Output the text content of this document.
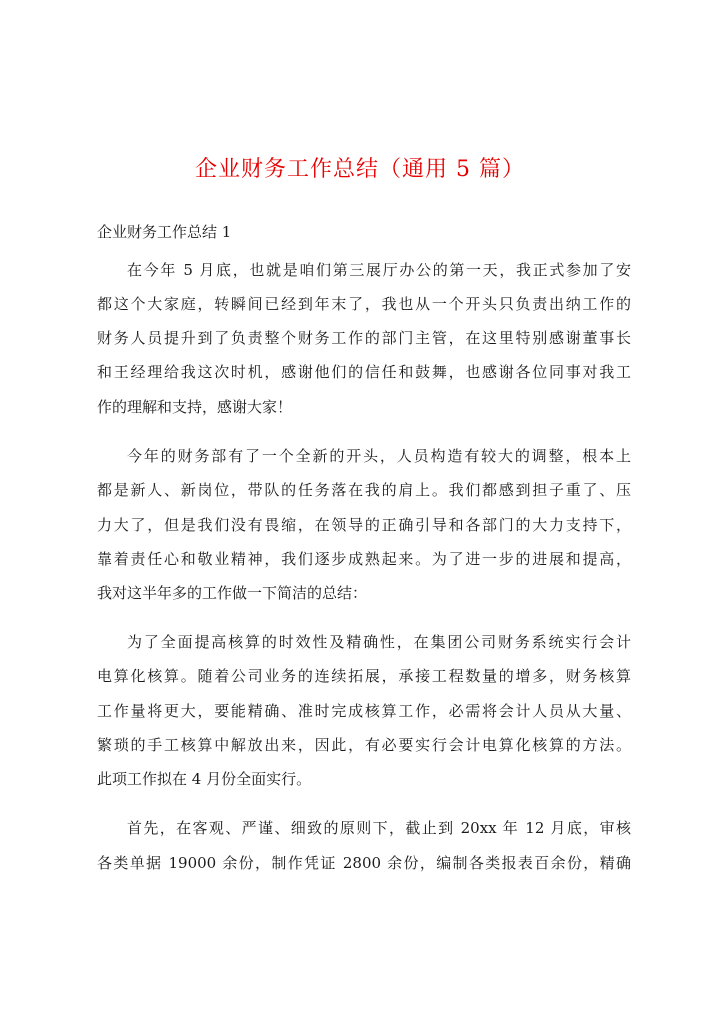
企业财务工作总结（通用 5 篇）
企业财务工作总结 1
在今年 5 月底，也就是咱们第三展厅办公的第一天，我正式参加了安
都这个大家庭，转瞬间已经到年末了，我也从一个开头只负责出纳工作的
财务人员提升到了负责整个财务工作的部门主管，在这里特别感谢董事长
和王经理给我这次时机，感谢他们的信任和鼓舞，也感谢各位同事对我工
作的理解和支持，感谢大家！
今年的财务部有了一个全新的开头，人员构造有较大的调整，根本上
都是新人、新岗位，带队的任务落在我的肩上。我们都感到担子重了、压
力大了，但是我们没有畏缩，在领导的正确引导和各部门的大力支持下，
靠着责任心和敬业精神，我们逐步成熟起来。为了进一步的进展和提高，
我对这半年多的工作做一下简洁的总结：
为了全面提高核算的时效性及精确性，在集团公司财务系统实行会计
电算化核算。随着公司业务的连续拓展，承接工程数量的增多，财务核算
工作量将更大，要能精确、准时完成核算工作，必需将会计人员从大量、
繁琐的手工核算中解放出来，因此，有必要实行会计电算化核算的方法。
此项工作拟在 4 月份全面实行。
首先，在客观、严谨、细致的原则下，截止到 20xx 年 12 月底，审核
各类单据 19000 余份，制作凭证 2800 余份，编制各类报表百余份，精确
